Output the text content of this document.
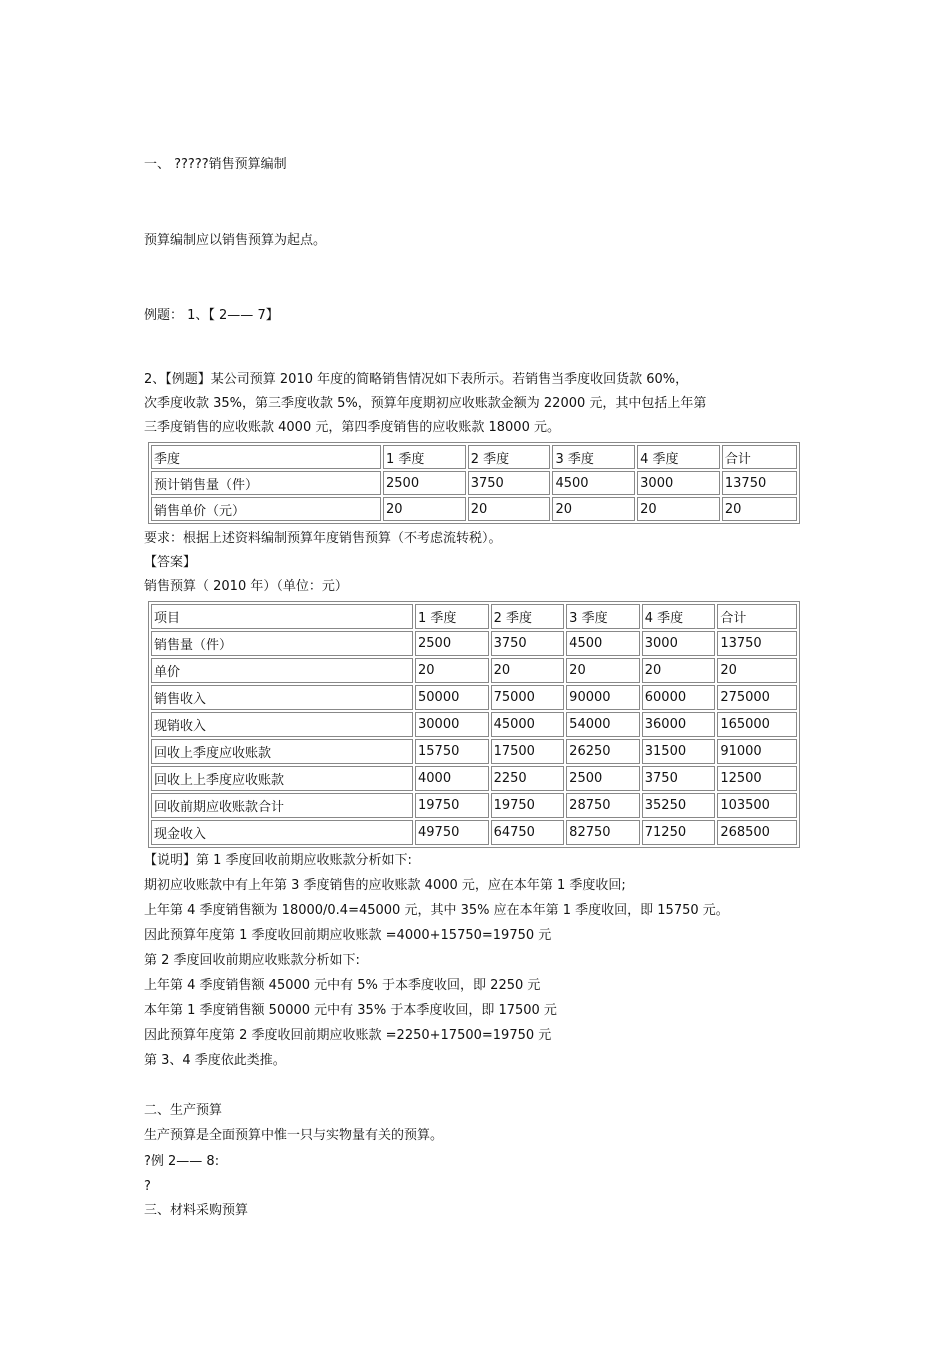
一、 ?????销售预算编制
预算编制应以销售预算为起点。
例题： 1、【 2—— 7】
2、【例题】某公司预算 2010 年度的简略销售情况如下表所示。若销售当季度收回货款 60%，
次季度收款 35%，第三季度收款 5%，预算年度期初应收账款金额为 22000 元，其中包括上年第
三季度销售的应收账款 4000 元，第四季度销售的应收账款 18000 元。
季度	1 季度	2 季度	3 季度	4 季度	合计
预计销售量（件）	2500	3750	4500	3000	13750
销售单价（元）	20	20	20	20	20
要求：根据上述资料编制预算年度销售预算（不考虑流转税）。
【答案】
销售预算（ 2010 年）（单位：元）
项目	1 季度	2 季度	3 季度	4 季度	合计
销售量（件）	2500	3750	4500	3000	13750
单价	20	20	20	20	20
销售收入	50000	75000	90000	60000	275000
现销收入	30000	45000	54000	36000	165000
回收上季度应收账款	15750	17500	26250	31500	91000
回收上上季度应收账款	4000	2250	2500	3750	12500
回收前期应收账款合计	19750	19750	28750	35250	103500
现金收入	49750	64750	82750	71250	268500
【说明】第 1 季度回收前期应收账款分析如下:
期初应收账款中有上年第 3 季度销售的应收账款 4000 元，应在本年第 1 季度收回;
上年第 4 季度销售额为 18000/0.4=45000 元，其中 35% 应在本年第 1 季度收回，即 15750 元。
因此预算年度第 1 季度收回前期应收账款 =4000+15750=19750 元
第 2 季度回收前期应收账款分析如下:
上年第 4 季度销售额 45000 元中有 5% 于本季度收回，即 2250 元
本年第 1 季度销售额 50000 元中有 35% 于本季度收回，即 17500 元
因此预算年度第 2 季度收回前期应收账款 =2250+17500=19750 元
第 3、4 季度依此类推。
二、生产预算
生产预算是全面预算中惟一只与实物量有关的预算。
?例 2—— 8:
?
三、材料采购预算
